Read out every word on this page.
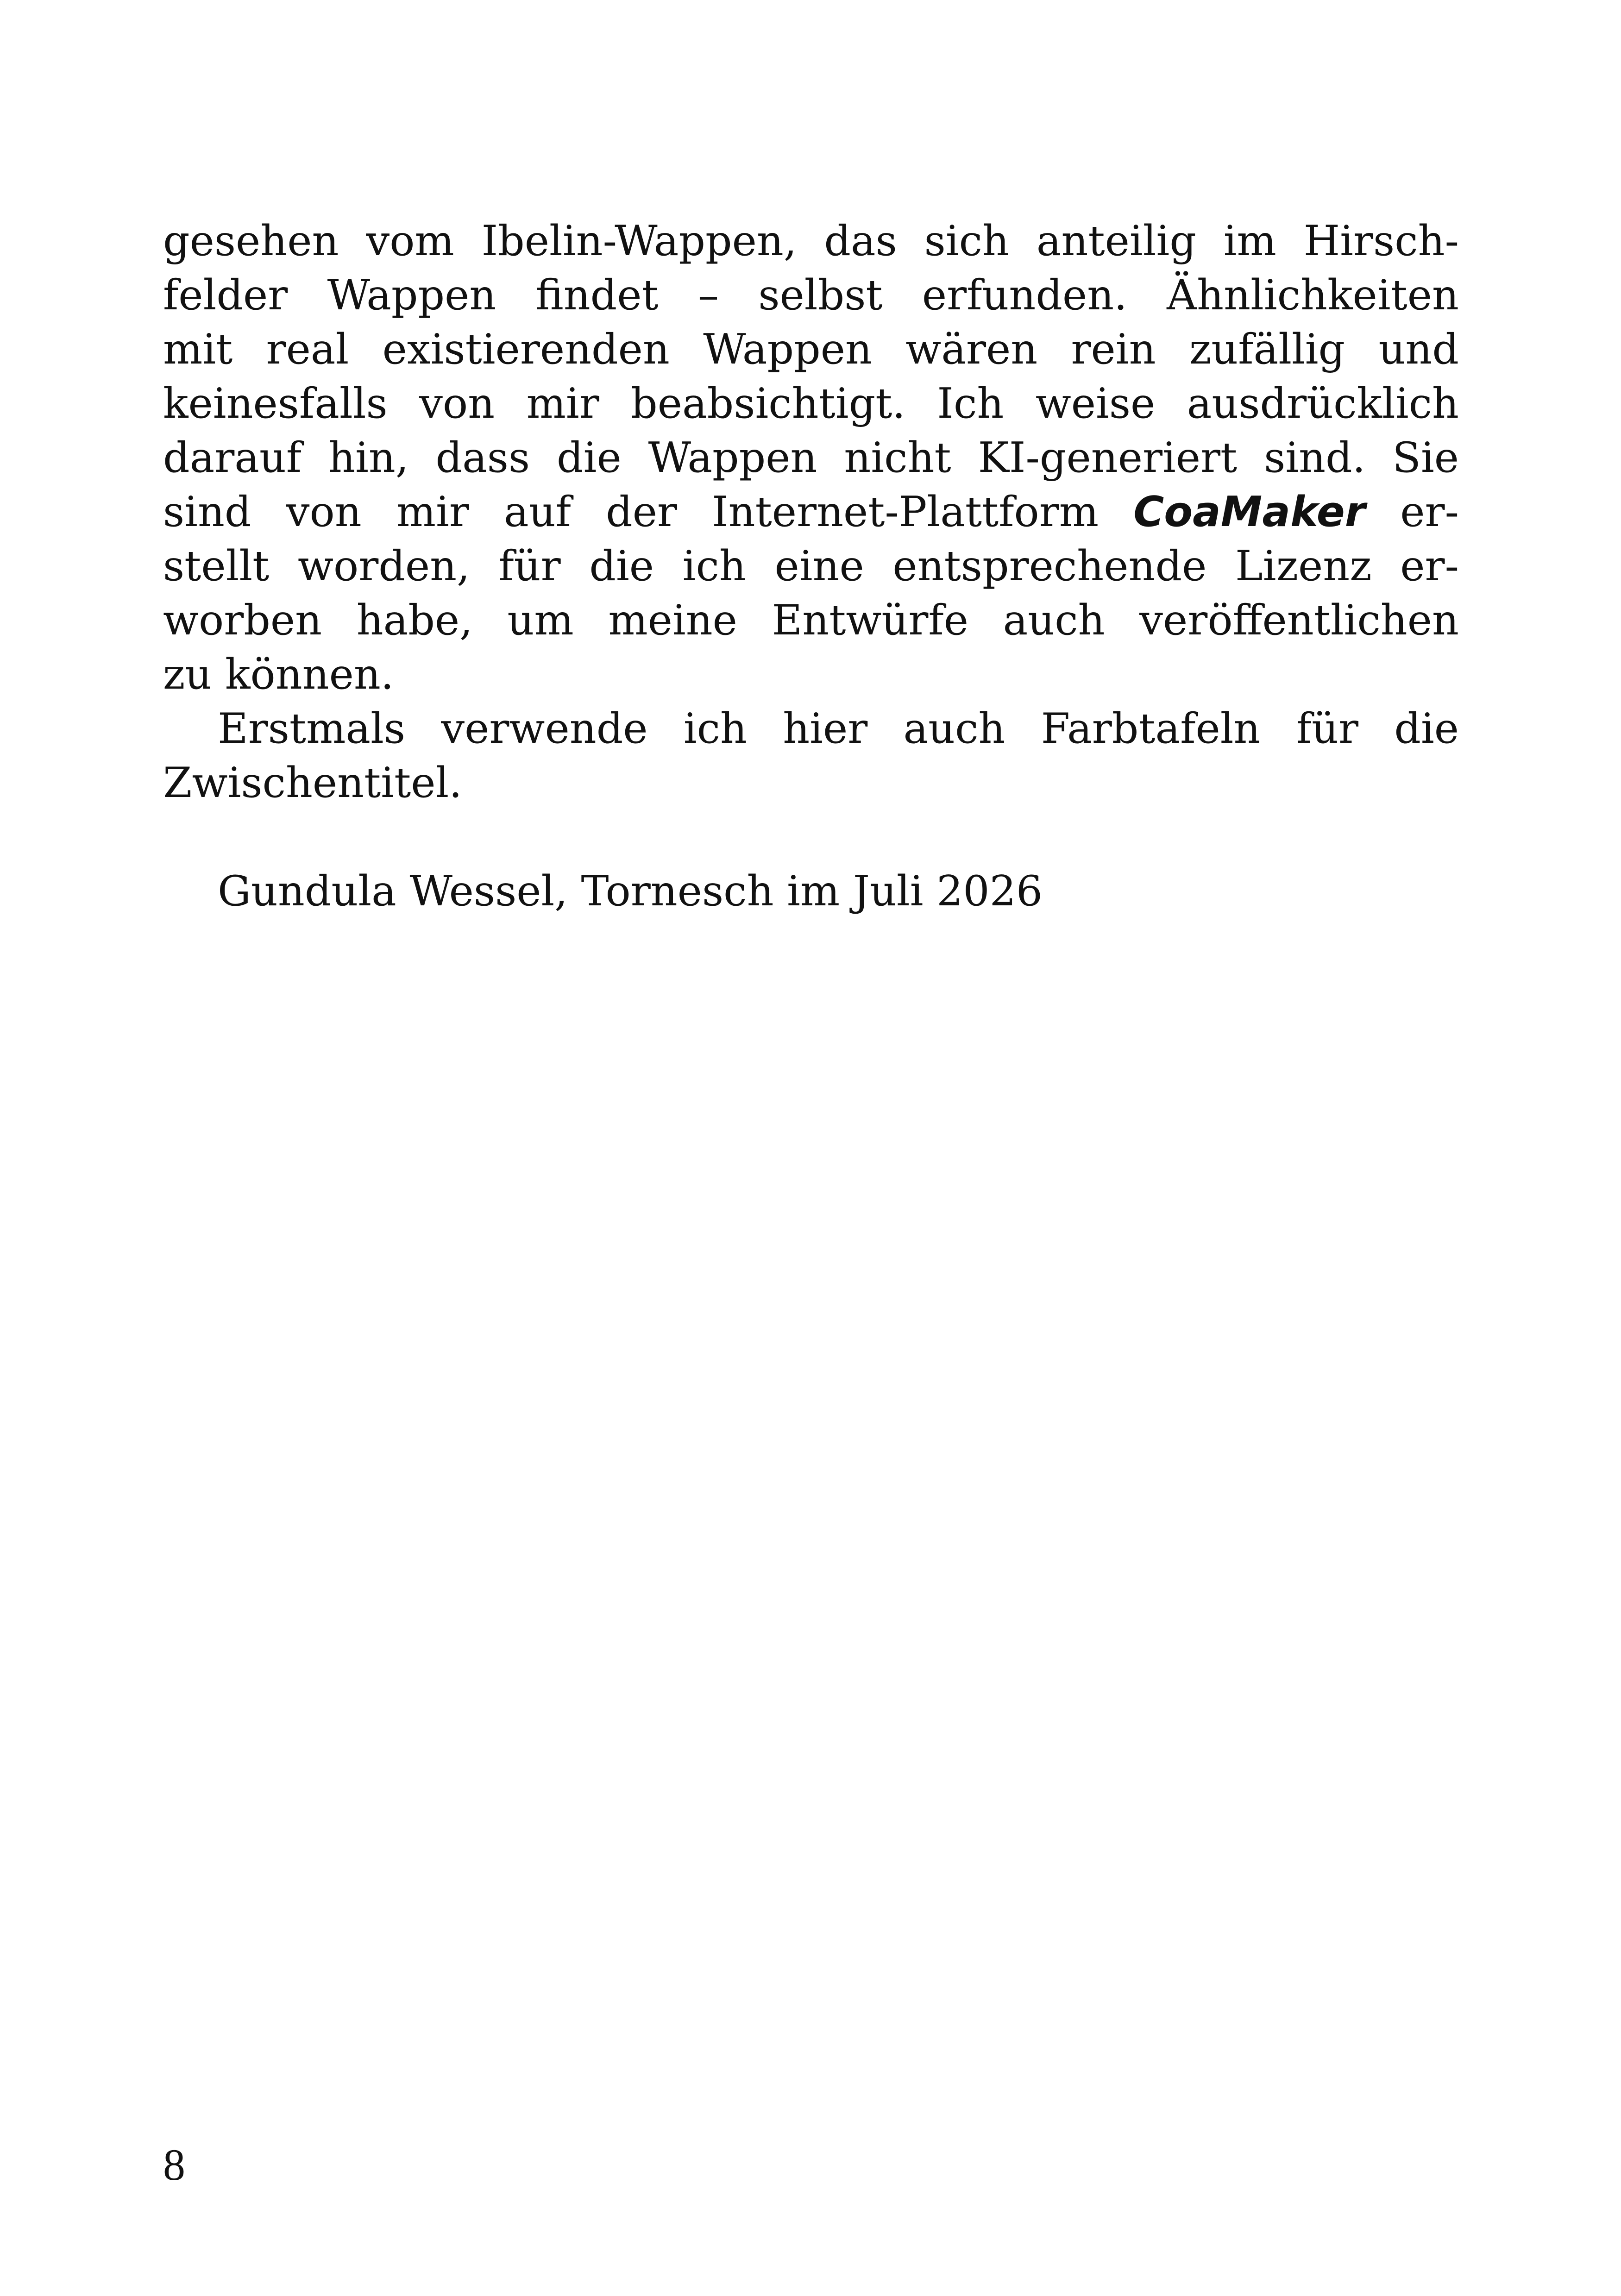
gesehen vom Ibelin-Wappen, das sich anteilig im Hirsch-
felder Wappen findet – selbst erfunden. Ähnlichkeiten
mit real existierenden Wappen wären rein zufällig und
keinesfalls von mir beabsichtigt. Ich weise ausdrücklich
darauf hin, dass die Wappen nicht KI-generiert sind. Sie
sind von mir auf der Internet-Plattform CoaMaker er-
stellt worden, für die ich eine entsprechende Lizenz er-
worben habe, um meine Entwürfe auch veröffentlichen
zu können.
Erstmals verwende ich hier auch Farbtafeln für die
Zwischentitel.
Gundula Wessel, Tornesch im Juli 2026
8
